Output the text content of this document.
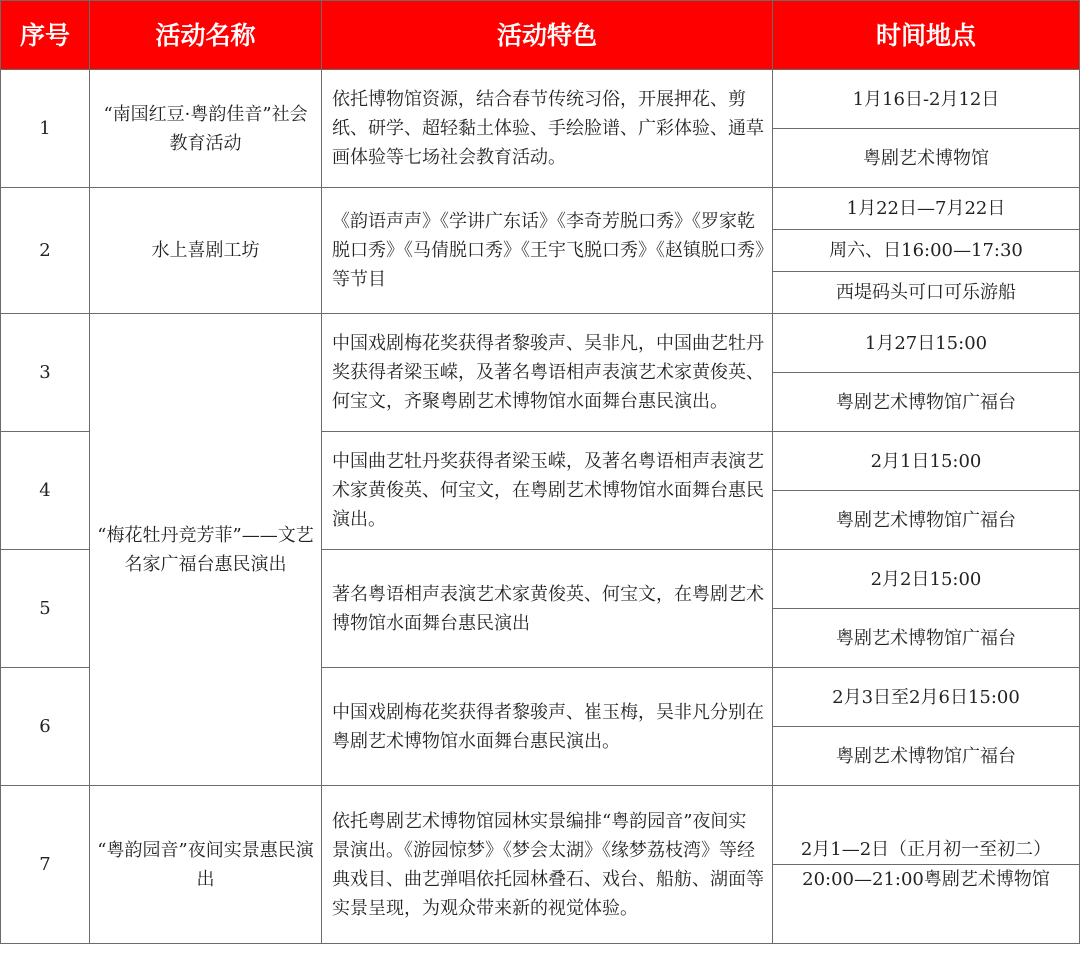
序号	活动名称	活动特色	时间地点
1	“南国红豆·粤韵佳音”社会教育活动	依托博物馆资源，结合春节传统习俗，开展押花、剪纸、研学、超轻黏土体验、手绘脸谱、广彩体验、通草画体验等七场社会教育活动。	1月16日-2月12日
			粤剧艺术博物馆
2	水上喜剧工坊	《韵语声声》《学讲广东话》《李奇芳脱口秀》《罗家乾脱口秀》《马倩脱口秀》《王宇飞脱口秀》《赵镇脱口秀》等节目	1月22日—7月22日
			周六、日16:00—17:30
			西堤码头可口可乐游船
3	“梅花牡丹竞芳菲”——文艺名家广福台惠民演出	中国戏剧梅花奖获得者黎骏声、吴非凡，中国曲艺牡丹奖获得者梁玉嵘，及著名粤语相声表演艺术家黄俊英、何宝文，齐聚粤剧艺术博物馆水面舞台惠民演出。	1月27日15:00
			粤剧艺术博物馆广福台
4		中国曲艺牡丹奖获得者梁玉嵘，及著名粤语相声表演艺术家黄俊英、何宝文，在粤剧艺术博物馆水面舞台惠民演出。	2月1日15:00
			粤剧艺术博物馆广福台
5		著名粤语相声表演艺术家黄俊英、何宝文，在粤剧艺术博物馆水面舞台惠民演出	2月2日15:00
			粤剧艺术博物馆广福台
6		中国戏剧梅花奖获得者黎骏声、崔玉梅，吴非凡分别在粤剧艺术博物馆水面舞台惠民演出。	2月3日至2月6日15:00
			粤剧艺术博物馆广福台
7	“粤韵园音”夜间实景惠民演出	依托粤剧艺术博物馆园林实景编排“粤韵园音”夜间实景演出。《游园惊梦》《梦会太湖》《缘梦荔枝湾》等经典戏目、曲艺弹唱依托园林叠石、戏台、船舫、湖面等实景呈现，为观众带来新的视觉体验。	2月1—2日（正月初一至初二）
			20:00—21:00粤剧艺术博物馆
